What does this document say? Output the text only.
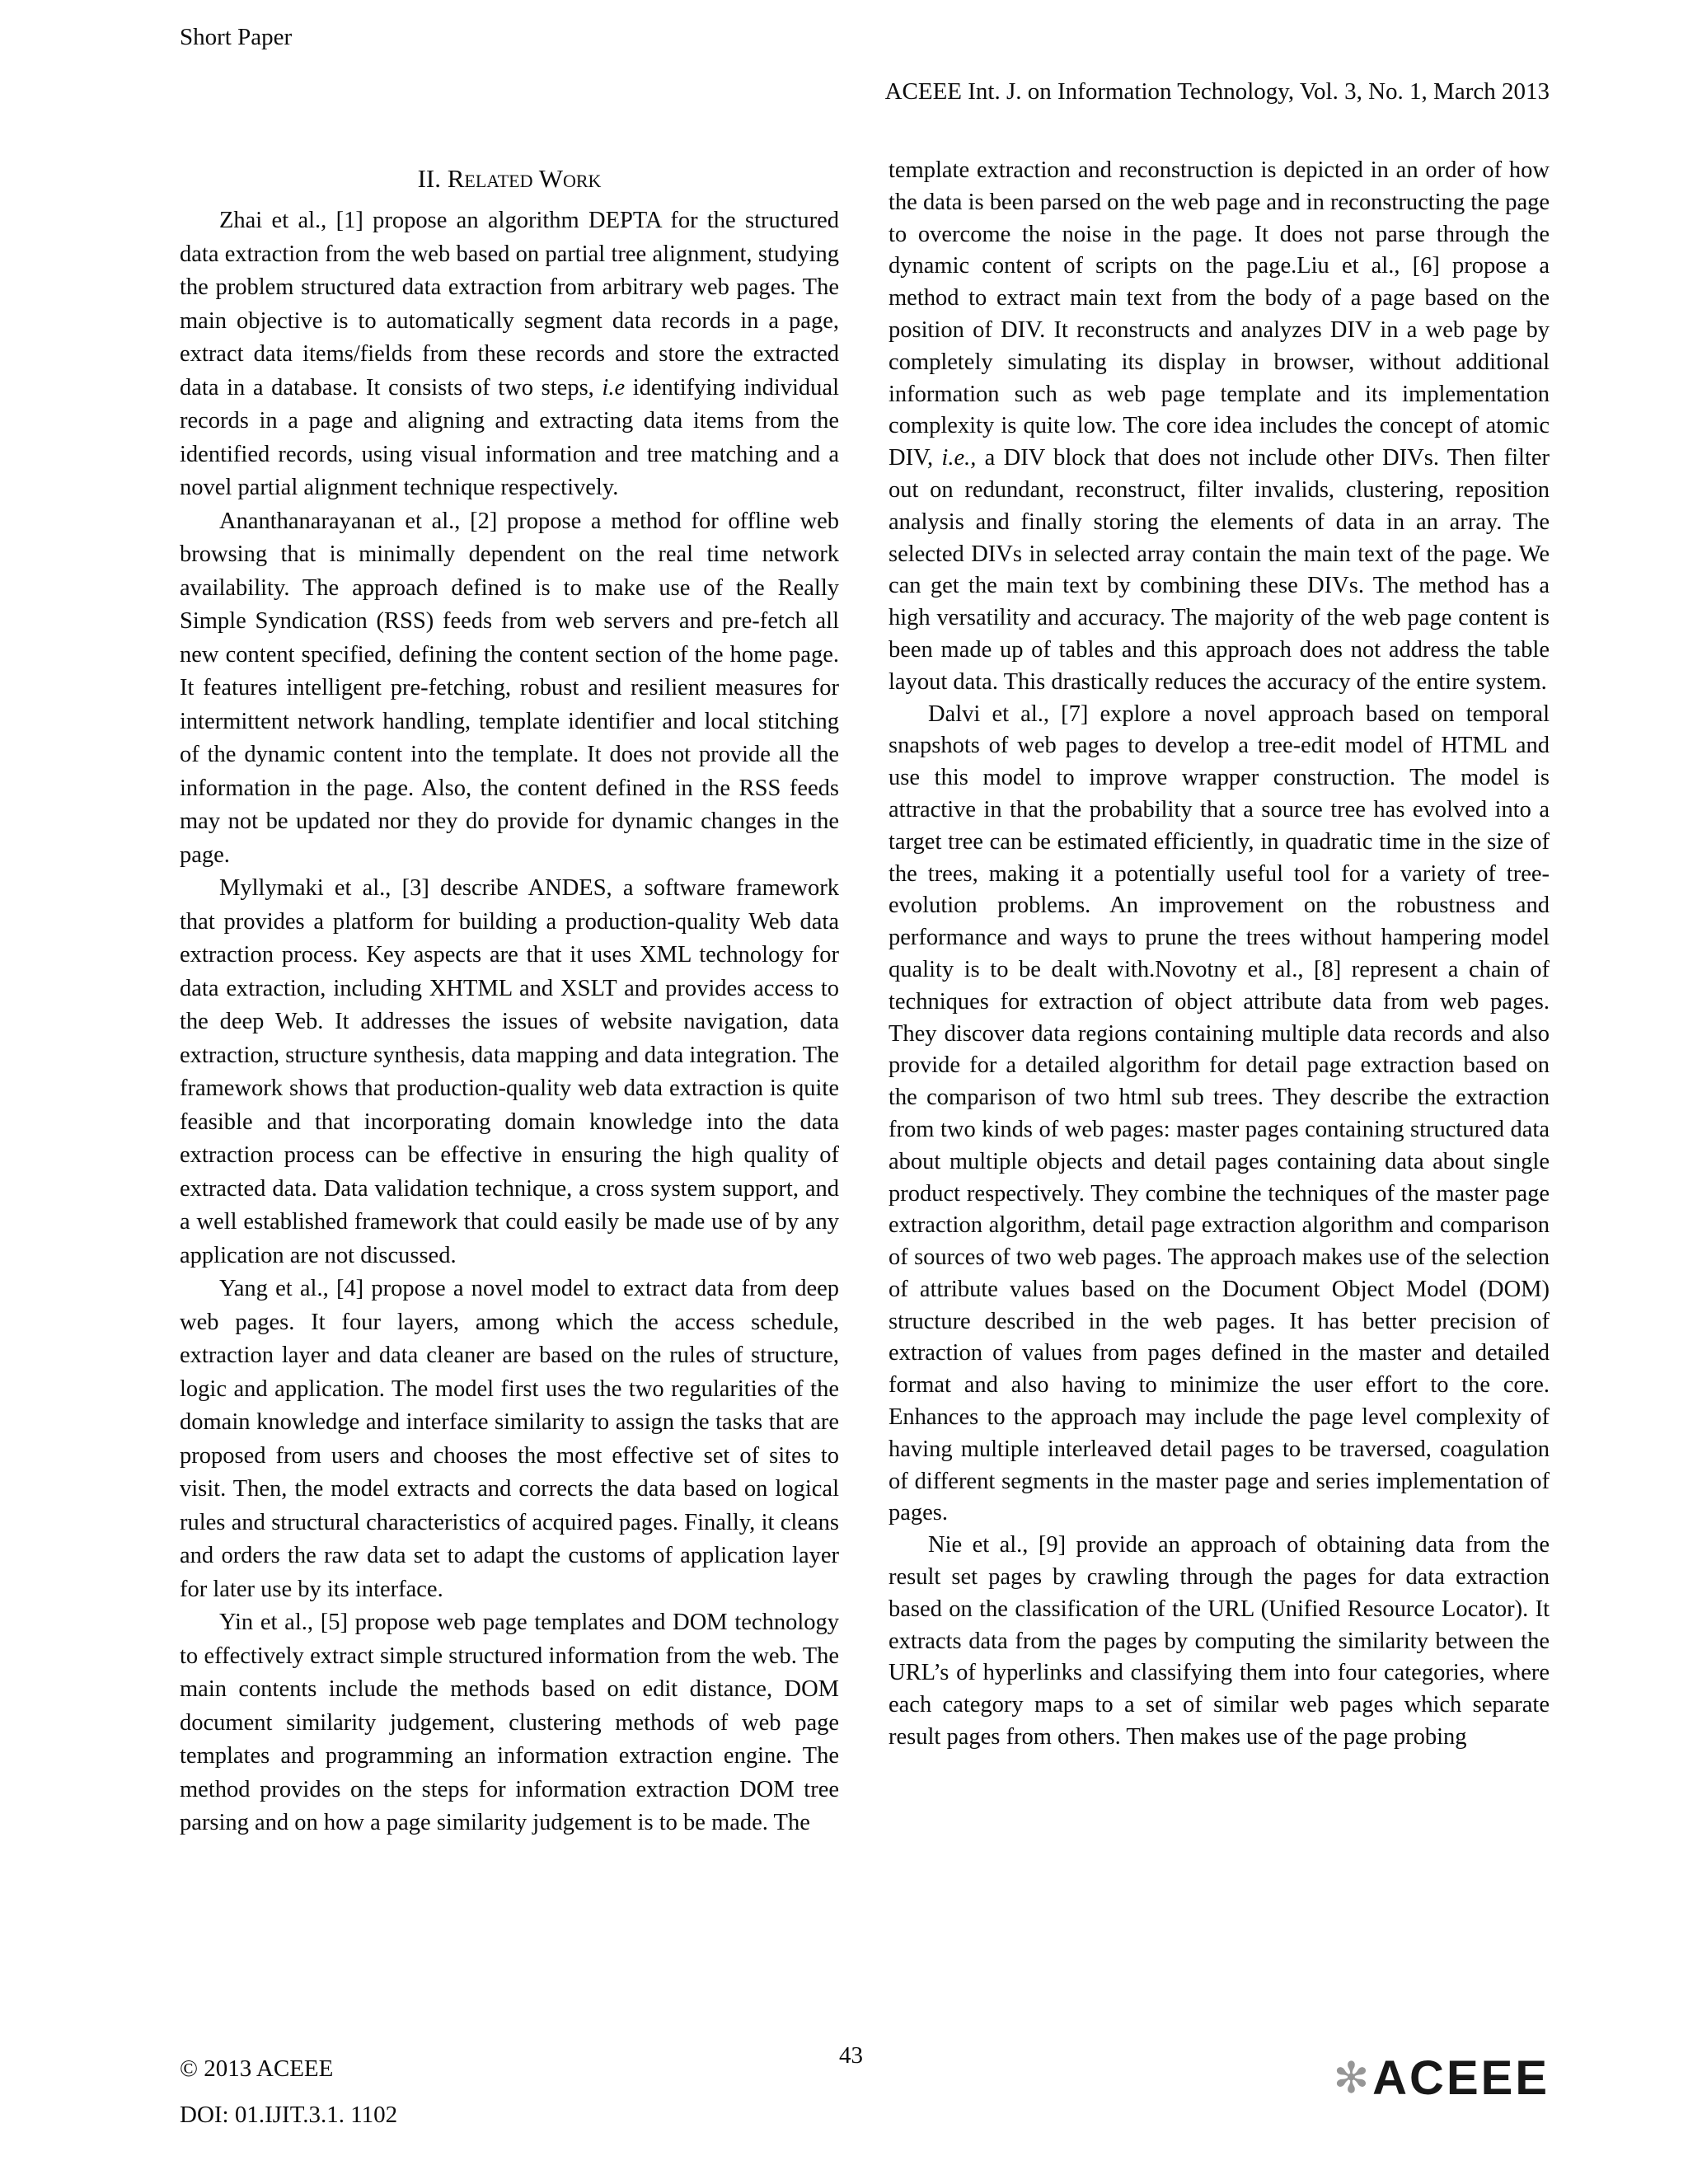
Short Paper
ACEEE Int. J. on Information Technology, Vol. 3, No. 1, March 2013
II. Related Work

Zhai et al., [1] propose an algorithm DEPTA for the structured data extraction from the web based on partial tree alignment, studying the problem structured data extraction from arbitrary web pages. The main objective is to automatically segment data records in a page, extract data items/fields from these records and store the extracted data in a database. It consists of two steps, i.e identifying individual records in a page and aligning and extracting data items from the identified records, using visual information and tree matching and a novel partial alignment technique respectively.

Ananthanarayanan et al., [2] propose a method for offline web browsing that is minimally dependent on the real time network availability. The approach defined is to make use of the Really Simple Syndication (RSS) feeds from web servers and pre-fetch all new content specified, defining the content section of the home page. It features intelligent pre-fetching, robust and resilient measures for intermittent network handling, template identifier and local stitching of the dynamic content into the template. It does not provide all the information in the page. Also, the content defined in the RSS feeds may not be updated nor they do provide for dynamic changes in the page.

Myllymaki et al., [3] describe ANDES, a software framework that provides a platform for building a production-quality Web data extraction process. Key aspects are that it uses XML technology for data extraction, including XHTML and XSLT and provides access to the deep Web. It addresses the issues of website navigation, data extraction, structure synthesis, data mapping and data integration. The framework shows that production-quality web data extraction is quite feasible and that incorporating domain knowledge into the data extraction process can be effective in ensuring the high quality of extracted data. Data validation technique, a cross system support, and a well established framework that could easily be made use of by any application are not discussed.

Yang et al., [4] propose a novel model to extract data from deep web pages. It four layers, among which the access schedule, extraction layer and data cleaner are based on the rules of structure, logic and application. The model first uses the two regularities of the domain knowledge and interface similarity to assign the tasks that are proposed from users and chooses the most effective set of sites to visit. Then, the model extracts and corrects the data based on logical rules and structural characteristics of acquired pages. Finally, it cleans and orders the raw data set to adapt the customs of application layer for later use by its interface.

Yin et al., [5] propose web page templates and DOM technology to effectively extract simple structured information from the web. The main contents include the methods based on edit distance, DOM document similarity judgement, clustering methods of web page templates and programming an information extraction engine. The method provides on the steps for information extraction DOM tree parsing and on how a page similarity judgement is to be made. The

template extraction and reconstruction is depicted in an order of how the data is been parsed on the web page and in reconstructing the page to overcome the noise in the page. It does not parse through the dynamic content of scripts on the page.Liu et al., [6] propose a method to extract main text from the body of a page based on the position of DIV. It reconstructs and analyzes DIV in a web page by completely simulating its display in browser, without additional information such as web page template and its implementation complexity is quite low. The core idea includes the concept of atomic DIV, i.e., a DIV block that does not include other DIVs. Then filter out on redundant, reconstruct, filter invalids, clustering, reposition analysis and finally storing the elements of data in an array. The selected DIVs in selected array contain the main text of the page. We can get the main text by combining these DIVs. The method has a high versatility and accuracy. The majority of the web page content is been made up of tables and this approach does not address the table layout data. This drastically reduces the accuracy of the entire system.

Dalvi et al., [7] explore a novel approach based on temporal snapshots of web pages to develop a tree-edit model of HTML and use this model to improve wrapper construction. The model is attractive in that the probability that a source tree has evolved into a target tree can be estimated efficiently, in quadratic time in the size of the trees, making it a potentially useful tool for a variety of tree-evolution problems. An improvement on the robustness and performance and ways to prune the trees without hampering model quality is to be dealt with.Novotny et al., [8] represent a chain of techniques for extraction of object attribute data from web pages. They discover data regions containing multiple data records and also provide for a detailed algorithm for detail page extraction based on the comparison of two html sub trees. They describe the extraction from two kinds of web pages: master pages containing structured data about multiple objects and detail pages containing data about single product respectively. They combine the techniques of the master page extraction algorithm, detail page extraction algorithm and comparison of sources of two web pages. The approach makes use of the selection of attribute values based on the Document Object Model (DOM) structure described in the web pages. It has better precision of extraction of values from pages defined in the master and detailed format and also having to minimize the user effort to the core. Enhances to the approach may include the page level complexity of having multiple interleaved detail pages to be traversed, coagulation of different segments in the master page and series implementation of pages.

Nie et al., [9] provide an approach of obtaining data from the result set pages by crawling through the pages for data extraction based on the classification of the URL (Unified Resource Locator). It extracts data from the pages by computing the similarity between the URL’s of hyperlinks and classifying them into four categories, where each category maps to a set of similar web pages which separate result pages from others. Then makes use of the page probing

© 2013 ACEEE
DOI: 01.IJIT.3.1. 1102
43	✻ ACEEE
